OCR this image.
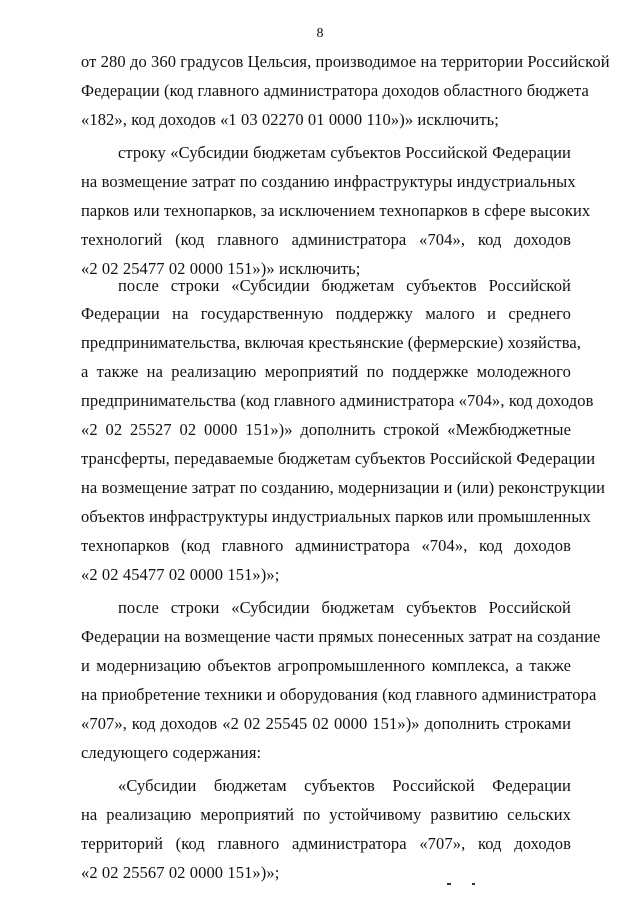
8
от 280 до 360 градусов Цельсия, производимое на территории Российской
Федерации (код главного администратора доходов областного бюджета
«182», код доходов «1 03 02270 01 0000 110»)» исключить;
строку «Субсидии бюджетам субъектов Российской Федерации
на возмещение затрат по созданию инфраструктуры индустриальных
парков или технопарков, за исключением технопарков в сфере высоких
технологий (код главного администратора «704», код доходов
«2 02 25477 02 0000 151»)» исключить;
после строки «Субсидии бюджетам субъектов Российской
Федерации на государственную поддержку малого и среднего
предпринимательства, включая крестьянские (фермерские) хозяйства,
а также на реализацию мероприятий по поддержке молодежного
предпринимательства (код главного администратора «704», код доходов
«2 02 25527 02 0000 151»)» дополнить строкой «Межбюджетные
трансферты, передаваемые бюджетам субъектов Российской Федерации
на возмещение затрат по созданию, модернизации и (или) реконструкции
объектов инфраструктуры индустриальных парков или промышленных
технопарков (код главного администратора «704», код доходов
«2 02 45477 02 0000 151»)»;
после строки «Субсидии бюджетам субъектов Российской
Федерации на возмещение части прямых понесенных затрат на создание
и модернизацию объектов агропромышленного комплекса, а также
на приобретение техники и оборудования (код главного администратора
«707», код доходов «2 02 25545 02 0000 151»)» дополнить строками
следующего содержания:
«Субсидии бюджетам субъектов Российской Федерации
на реализацию мероприятий по устойчивому развитию сельских
территорий (код главного администратора «707», код доходов
«2 02 25567 02 0000 151»)»;
